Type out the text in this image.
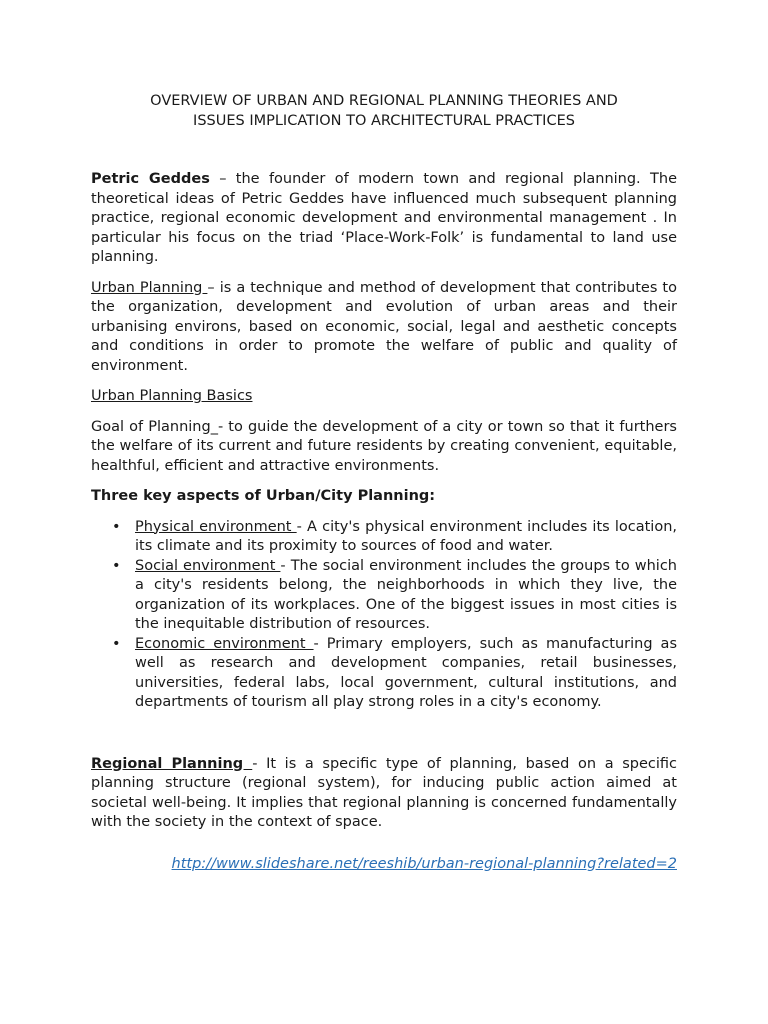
OVERVIEW OF URBAN AND REGIONAL PLANNING THEORIES AND
ISSUES IMPLICATION TO ARCHITECTURAL PRACTICES

Petric Geddes – the founder of modern town and regional planning. The theoretical ideas of Petric Geddes have influenced much subsequent planning practice, regional economic development and environmental management . In particular his focus on the triad ‘Place-Work-Folk’ is fundamental to land use planning.

Urban Planning – is a technique and method of development that contributes to the organization, development and evolution of urban areas and their urbanising environs, based on economic, social, legal and aesthetic concepts and conditions in order to promote the welfare of public and quality of environment.

Urban Planning Basics

Goal of Planning_- to guide the development of a city or town so that it furthers the welfare of its current and future residents by creating convenient, equitable, healthful, efficient and attractive environments.

Three key aspects of Urban/City Planning:
• Physical environment - A city's physical environment includes its location, its climate and its proximity to sources of food and water.
• Social environment - The social environment includes the groups to which a city's residents belong, the neighborhoods in which they live, the organization of its workplaces. One of the biggest issues in most cities is the inequitable distribution of resources.
• Economic environment - Primary employers, such as manufacturing as well as research and development companies, retail businesses, universities, federal labs, local government, cultural institutions, and departments of tourism all play strong roles in a city's economy.

Regional Planning - It is a specific type of planning, based on a specific planning structure (regional system), for inducing public action aimed at societal well-being. It implies that regional planning is concerned fundamentally with the society in the context of space.

http://www.slideshare.net/reeshib/urban-regional-planning?related=2
